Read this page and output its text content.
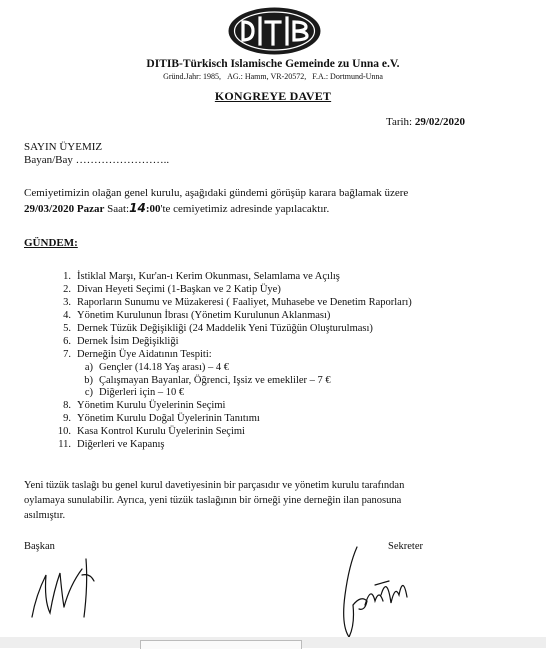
DITIB-Türkisch Islamische Gemeinde zu Unna e.V.
Gründ.Jahr: 1985, AG.: Hamm, VR-20572, F.A.: Dortmund-Unna
KONGREYE DAVET
Tarih: 29/02/2020
SAYIN ÜYEMIZ
Bayan/Bay ……………………..
Cemiyetimizin olağan genel kurulu, aşağıdaki gündemi görüşüp karara bağlamak üzere
29/03/2020 Pazar Saat:14:00'te cemiyetimiz adresinde yapılacaktır.
GÜNDEM:
1. İstiklal Marşı, Kur'an-ı Kerim Okunması, Selamlama ve Açılış
2. Divan Heyeti Seçimi (1-Başkan ve 2 Katip Üye)
3. Raporların Sunumu ve Müzakeresi ( Faaliyet, Muhasebe ve Denetim Raporları)
4. Yönetim Kurulunun İbrası (Yönetim Kurulunun Aklanması)
5. Dernek Tüzük Değişikliği (24 Maddelik Yeni Tüzüğün Oluşturulması)
6. Dernek İsim Değişikliği
7. Derneğin Üye Aidatının Tespiti:
a) Gençler (14.18 Yaş arası) – 4 €
b) Çalışmayan Bayanlar, Öğrenci, Işsiz ve emekliler – 7 €
c) Diğerleri için – 10 €
8. Yönetim Kurulu Üyelerinin Seçimi
9. Yönetim Kurulu Doğal Üyelerinin Tanıtımı
10. Kasa Kontrol Kurulu Üyelerinin Seçimi
11. Diğerleri ve Kapanış
Yeni tüzük taslağı bu genel kurul davetiyesinin bir parçasıdır ve yönetim kurulu tarafından
oylamaya sunulabilir. Ayrıca, yeni tüzük taslağının bir örneği yine derneğin ilan panosuna
asılmıştır.
Başkan	Sekreter
